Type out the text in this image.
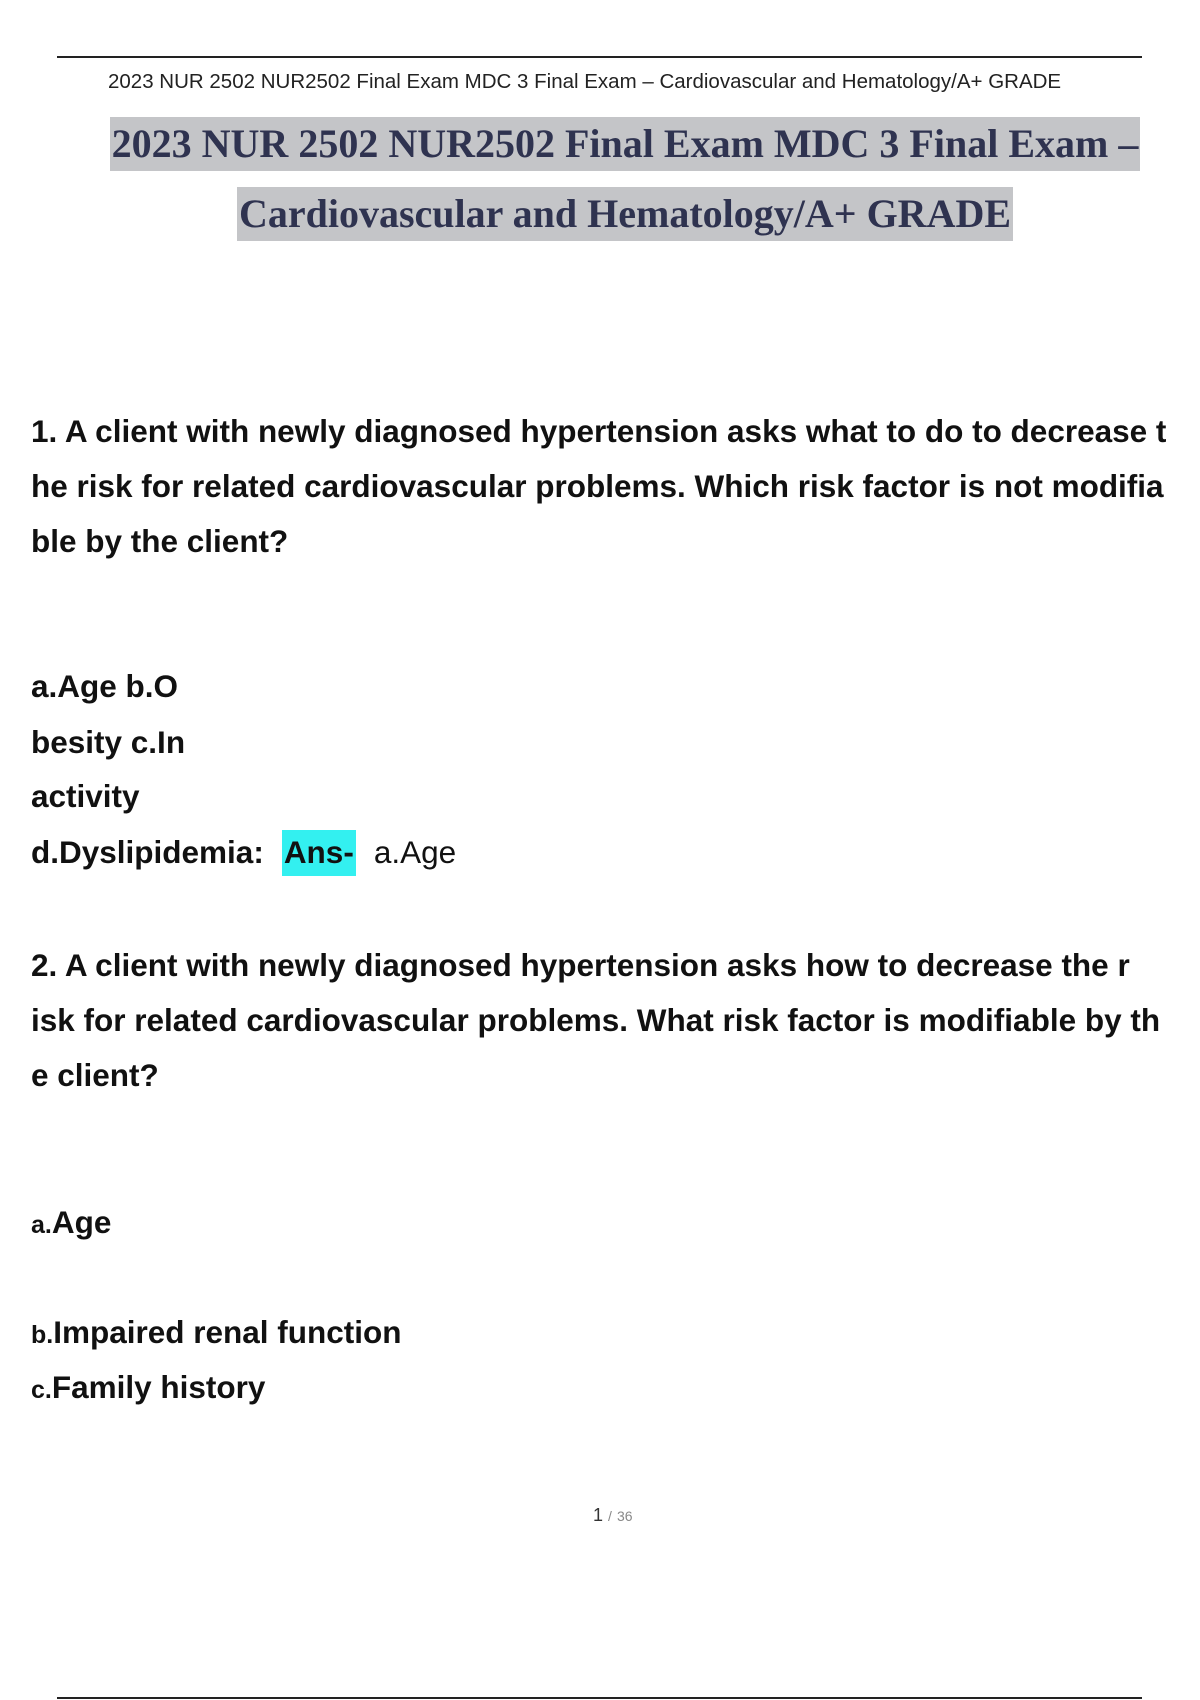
2023 NUR 2502 NUR2502 Final Exam MDC 3 Final Exam – Cardiovascular and Hematology/A+ GRADE
2023 NUR 2502 NUR2502 Final Exam MDC 3 Final Exam –
Cardiovascular and Hematology/A+ GRADE
1. A client with newly diagnosed hypertension asks what to do to decrease t
he risk for related cardiovascular problems. Which risk factor is not modifia
ble by the client?
a.Age b.O
besity c.In
activity
d.Dyslipidemia: Ans- a.Age
2. A client with newly diagnosed hypertension asks how to decrease the r
isk for related cardiovascular problems. What risk factor is modifiable by th
e client?
a.Age
b.Impaired renal function
c.Family history
1 / 36
